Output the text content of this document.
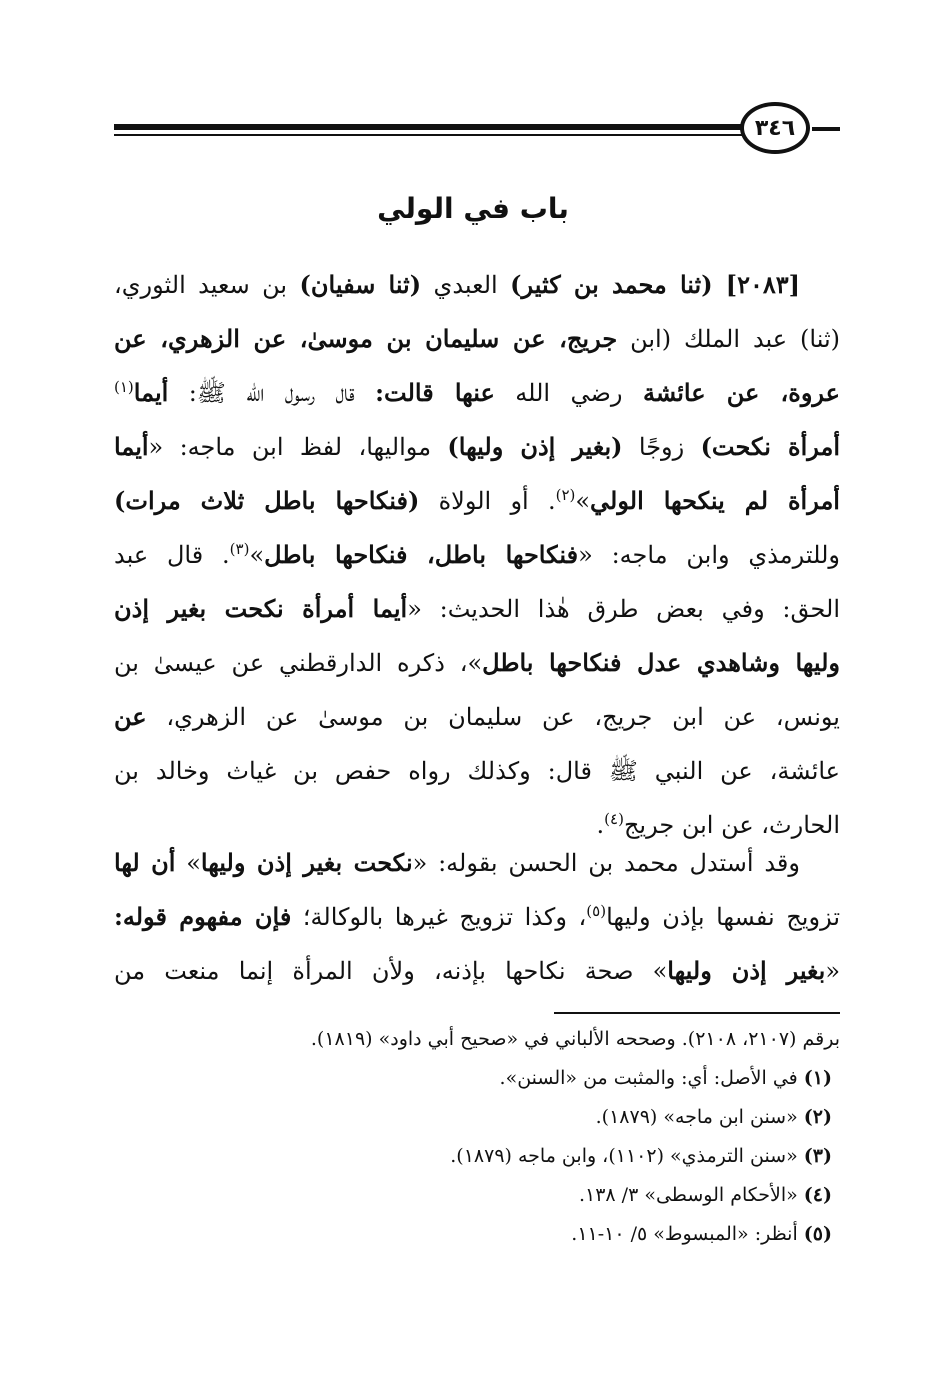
٣٤٦
باب في الولي
[٢٠٨٣] (ثنا محمد بن كثير) العبدي (ثنا سفيان) بن سعيد الثوري،
(ثنا) عبد الملك (ابن جريج، عن سليمان بن موسىٰ، عن الزهري، عن
عروة، عن عائشة رضي الله عنها قالت: قال رسول الله ﷺ: أيما$^{(١)}$
أمرأة نكحت) زوجًا (بغير إذن وليها) مواليها، لفظ ابن ماجه: «أيما
أمرأة لم ينكحها الولي»$^{(٢)}$. أو الولاة (فنكاحها باطل ثلاث مرات)
وللترمذي وابن ماجه: «فنكاحها باطل، فنكاحها باطل»$^{(٣)}$. قال عبد
الحق: وفي بعض طرق هٰذا الحديث: «أيما أمرأة نكحت بغير إذن
وليها وشاهدي عدل فنكاحها باطل»، ذكره الدارقطني عن عيسىٰ بن
يونس، عن ابن جريج، عن سليمان بن موسىٰ عن الزهري، عن
عائشة، عن النبي ﷺ قال: وكذلك رواه حفص بن غياث وخالد بن
الحارث، عن ابن جريج$^{(٤)}$.
وقد أستدل محمد بن الحسن بقوله: «نكحت بغير إذن وليها» أن لها
تزويج نفسها بإذن وليها$^{(٥)}$، وكذا تزويج غيرها بالوكالة؛ فإن مفهوم قوله:
«بغير إذن وليها» صحة نكاحها بإذنه، ولأن المرأة إنما منعت من
برقم (٢١٠٧، ٢١٠٨). وصححه الألباني في «صحيح أبي داود» (١٨١٩).
(١) في الأصل: أي: والمثبت من «السنن».
(٢) «سنن ابن ماجه» (١٨٧٩).
(٣) «سنن الترمذي» (١١٠٢)، وابن ماجه (١٨٧٩).
(٤) «الأحكام الوسطى» ٣/ ١٣٨.
(٥) أنظر: «المبسوط» ٥/ ١٠-١١.
